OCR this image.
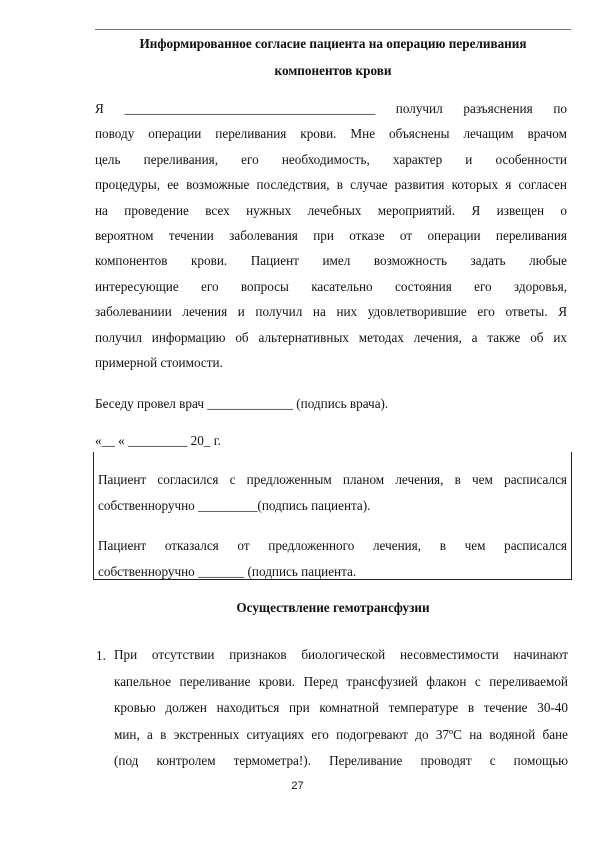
Информированное согласие пациента на операцию переливания
компонентов крови
Я ______________________________________ получил разъяснения по
поводу операции переливания крови. Мне объяснены лечащим врачом
цель переливания, его необходимость, характер и особенности
процедуры, ее возможные последствия, в случае развития которых я согласен
на проведение всех нужных лечебных мероприятий. Я извещен о
вероятном течении заболевания при отказе от операции переливания
компонентов крови. Пациент имел возможность задать любые
интересующие его вопросы касательно состояния его здоровья,
заболеваниии лечения и получил на них удовлетворившие его ответы. Я
получил информацию об альтернативных методах лечения, а также об их
примерной стоимости.
Беседу провел врач _____________ (подпись врача).
«__ « _________ 20_ г.
Пациент согласился с предложенным планом лечения, в чем расписался
собственноручно _________(подпись пациента).
Пациент отказался от предложенного лечения, в чем расписался
собственноручно _______ (подпись пациента.
Осуществление гемотрансфузии
1. При отсутствии признаков биологической несовместимости начинают
капельное переливание крови. Перед трансфузией флакон с переливаемой
кровью должен находиться при комнатной температуре в течение 30-40
мин, а в экстренных ситуациях его подогревают до 37ºС на водяной бане
(под контролем термометра!). Переливание проводят с помощью
27
